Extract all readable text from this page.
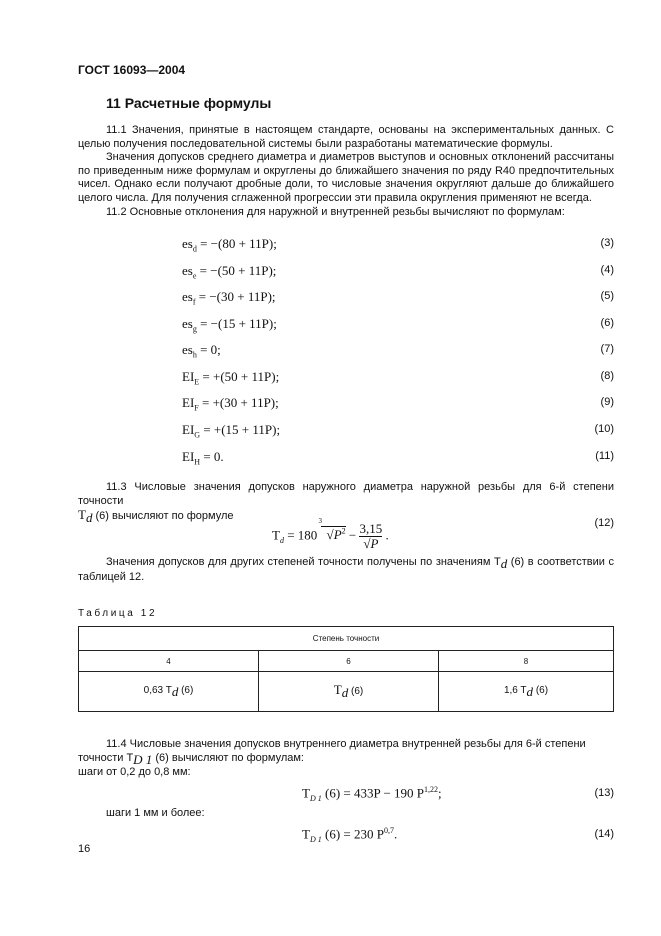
ГОСТ 16093—2004
11 Расчетные формулы
11.1 Значения, принятые в настоящем стандарте, основаны на экспериментальных данных. С целью получения последовательной системы были разработаны математические формулы.
Значения допусков среднего диаметра и диаметров выступов и основных отклонений рассчитаны по приведенным ниже формулам и округлены до ближайшего значения по ряду R40 предпочтительных чисел. Однако если получают дробные доли, то числовые значения округляют дальше до ближайшего целого числа. Для получения сглаженной прогрессии эти правила округления применяют не всегда.
11.2 Основные отклонения для наружной и внутренней резьбы вычисляют по формулам:
$es_d = -(80 + 11P)$;	(3)
$es_e = -(50 + 11P)$;	(4)
$es_f = -(30 + 11P)$;	(5)
$es_g = -(15 + 11P)$;	(6)
$es_h = 0$;	(7)
$EI_E = +(50 + 11P)$;	(8)
$EI_F = +(30 + 11P)$;	(9)
$EI_G = +(15 + 11P)$;	(10)
$EI_H = 0$.	(11)
11.3 Числовые значения допусков наружного диаметра наружной резьбы для 6-й степени точности
$T_d$ (6) вычисляют по формуле
$T_d = 180$
3
$√P^2 - \frac{3,15}{√P}$ .
(12)
Значения допусков для других степеней точности получены по значениям $T_d$ (6) в соответствии с таблицей 12.
Таблица 12
Степень точности		
4	6	8
0,63 $T_d$ (6)	$T_d$ (6)	1,6 $T_d$ (6)
11.4 Числовые значения допусков внутреннего диаметра внутренней резьбы для 6-й степени
точности $T_{D 1}$ (6) вычисляют по формулам:
шаги от 0,2 до 0,8 мм:
$T_{D 1}$ (6) = 433P − 190 P$^{1,22}$;	(13)
шаги 1 мм и более:
$T_{D 1}$ (6) = 230 P$^{0,7}$.	(14)
16
